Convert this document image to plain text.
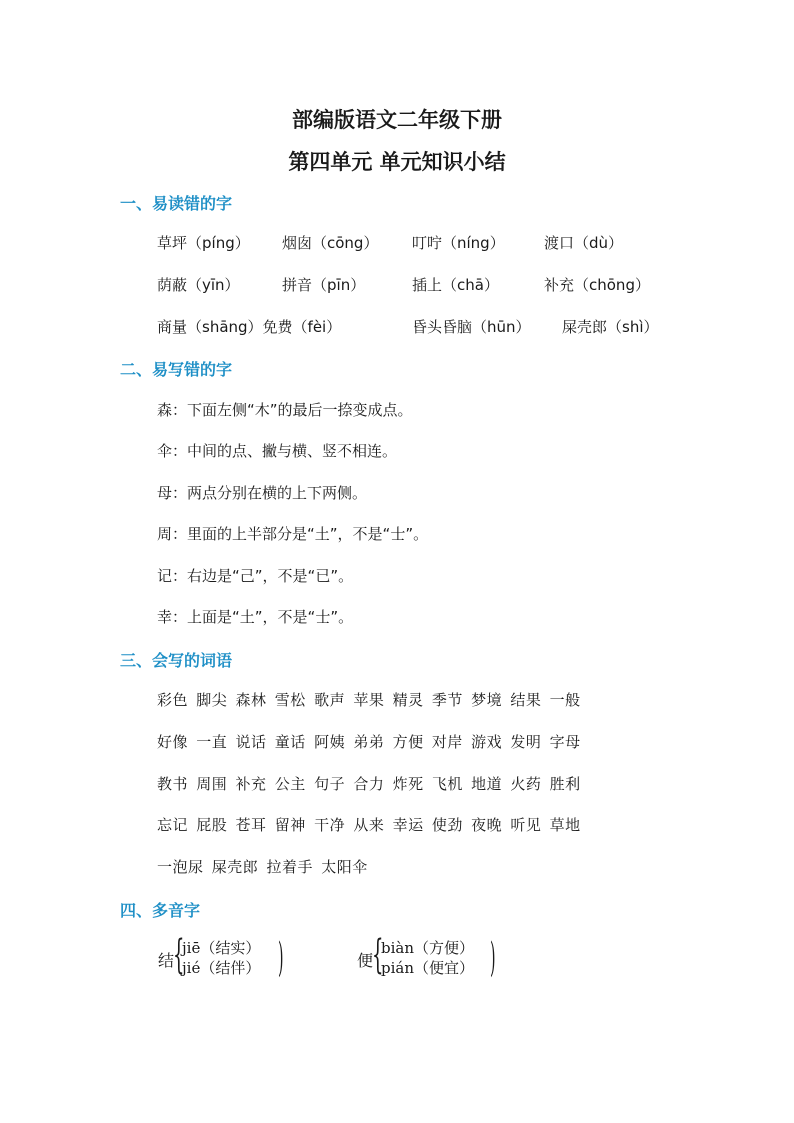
部编版语文二年级下册
第四单元 单元知识小结
一、易读错的字
草坪（píng） 烟囱（cōng） 叮咛（níng）	渡口（dù）
荫蔽（yīn）	拼音（pīn）	插上（chā）	补充（chōng）
商量（shāng）免费（fèi）	昏头昏脑（hūn） 屎壳郎（shì）
二、易写错的字
森：下面左侧“木”的最后一捺变成点。
伞：中间的点、撇与横、竖不相连。
母：两点分别在横的上下两侧。
周：里面的上半部分是“土”，不是“士”。
记：右边是“己”，不是“已”。
幸：上面是“土”，不是“士”。
三、会写的词语
彩色 脚尖 森林 雪松 歌声 苹果 精灵 季节 梦境 结果 一般
好像 一直 说话 童话 阿姨 弟弟 方便 对岸 游戏 发明 字母
教书 周围 补充 公主 句子 合力 炸死 飞机 地道 火药 胜利
忘记 屁股 苍耳 留神 干净 从来 幸运 使劲 夜晚 听见 草地
一泡尿 屎壳郎 拉着手 太阳伞
四、多音字
结
{
jiē（结实）
jié（结伴） )	便
{
biàn（方便）
pián（便宜） )
